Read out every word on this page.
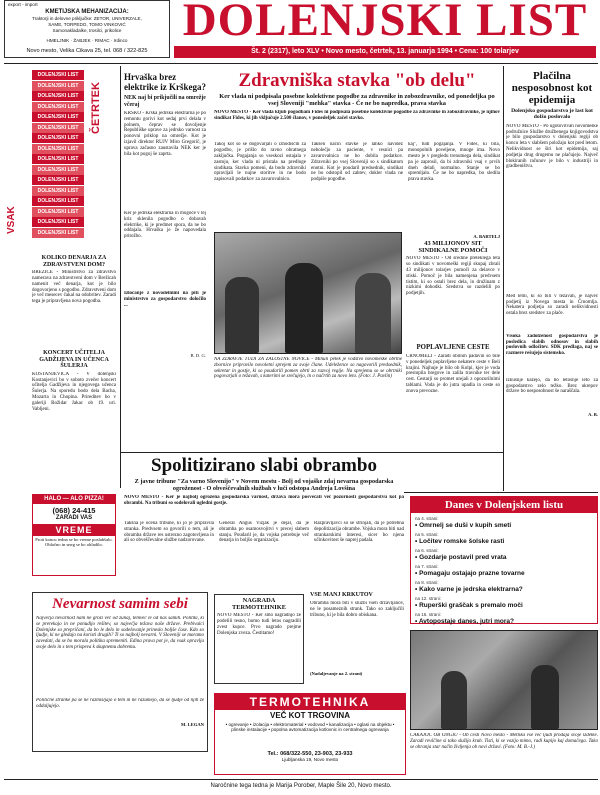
export - import
KMETIJSKA MEHANIZACIJA:
Traktorji in delovne priključke: ZETOR, UNIVERZALE,
SAME, TORPEDO, TOMO VINKOVIĆ
Samonakladalke, trosilci, prikolice
HMELJNIK · ŽABJEK · RIMAC · Irdinco
Novo mesto, Velika Cikava 25, tel. 068 / 322-825
DOLENJSKI LIST
Št. 2 (2317), leto XLV • Novo mesto, četrtek, 13. januarja 1994 • Cena: 100 tolarjev
DOLENJSKI LIST
DOLENJSKI LIST
DOLENJSKI LIST
DOLENJSKI LIST
DOLENJSKI LIST
DOLENJSKI LIST
DOLENJSKI LIST
DOLENJSKI LIST
DOLENJSKI LIST
DOLENJSKI LIST
DOLENJSKI LIST
DOLENJSKI LIST
DOLENJSKI LIST
DOLENJSKI LIST
DOLENJSKI LIST
DOLENJSKI LIST
ČETRTEK
VSAK
Hrvaška brez elektrike iz Krškega?
NEK naj bi prikjučili na omrežje včeraj
KRŠKO - Krška jedrska elektrarna je po remontu gorivi kot sedaj prvi delala v polnem, čeprav se dovoljenje Republiške uprave za jedrsko varnost za ponovni priklop na omrežje. Kot je izjavil direktor RUJV Miro Gregorič, je uprava začasno zaustavila NEK ker je bila kot pogoj še zaprta.
Ker je jedrska elektrarna in mogoče v tej kriz sklenila pogodbo o dobavah elektrike, ki je predmet spora, da ne bo oddajala. Hrvaška je že napovedala pritožbo.
Izločanje z novodelnimi na piti je ministrstvo za gospodarstvo določilo ...
B. D. G.
KOLIKO DENARJA ZA ZDRAVSTVENI DOM?
BREŽICE - Ministrstvo za zdravstvo namerava na zdravstveni dom v Brežicah namenit več denarja, kot je bilo dogovorjeno s pogodbo. Zdravstveni dom je več mesecev čakal na odobritev. Zaradi tega je pripravljena nova pogodba.
KONCERT UČITELJA GADŽIJEVA IN UČENCA ŠULERJA
KOSTANJEVICA - V dolenjski Kostanjevici bo v soboto zvečer koncert učitelja Gadžijeva in njegovega učenca Šulerja. Na sporedu bodo dela Bacha, Mozarta in Chopina. Prireditev bo v galeriji Božidar Jakac ob 19. uri. Vabljeni.
HALO — ALO PIZZA!
(068) 24-415
ZARADI VAS
VREME
Proti koncu tedna se bo vreme poslabšalo. Oblačno in sneg se bo ohladilo.
Nevarnost samim sebi
Največja nevarnost nam ne grozi več od zunaj, temveč le od nas samih. Politiki, ki se prerekajo in ne ponudijo rešitev, so največja težava naše države. Prebivalci Dolenjske so prepričani, da bo le delo in sodelovanje prineslo boljše čase. Kdo so ljudje, ki ne gledajo na koristi drugih? Ti so najbolj nevarni. V Sloveniji se moramo zavedati, da se bo morala politika spremeniti. Edina prava pot je, da vsak opravlja svoje delo in s tem prispeva k skupnemu dobremu.
Politične stranke pa še ne razmišljajo o tem in ne razumejo, da se ljudje od njih že oddaljujejo.
M. LEGAN
Zdravniška stavka "ob delu"
Ker vlada ni podpisala posebne kolektivne pogodbe za zdravnike in zobozdravnike, od ponedeljka po vsej Sloveniji "mehka" stavka - Če ne bo napredka, prava stavka
NOVO MESTO - Ker vlada kljub pogodbam Fides ni podpisala posebne kolektivne pogodbe za zdravnike in zobozdravnike, je njihov sindikat Fides, ki jih vključuje 2.500 članov, v ponedeljek začel stavko.
Takoj kot so se dogovarjali o izhodiščih za pogodbo, je prišlo do ravno obratnega zaključka. Pogajanja so vseskozi ostajala v zastoju, ker vlada ni pristala na predloge sindikata. Stavka pomeni, da bodo zdravniki opravljali le nujne storitve in ne bodo zapisovali podatkov za zavarovalnico.
Takšen način stavke je lahko navidez nebolečjo za paciente, v resnici pa zavarovalnica ne bo dobila podatkov. Zdravniki po vsej Sloveniji so s sindikatom enotni. Kot je poudaril predsednik, sindikat ne bo odstopil od zahtev, dokler vlada ne podpiše pogodbe.
kaj", tudi pogajanja. V Fides, ki bila, monopolnih poveljene, mnoge ima. Novo mesto je v pregledu trenutnega dela, sindikat pa je zaprosil, da bi zdravniki vsaj v prvih dneh delali normalno. Stanje se bo spremljalo. Če ne bo napredka, bo sledila prava stavka.
A. BARTELJ
NA ZDRAVJE TUDI ZA ŽALOSTNE NOVICE - Minuli petek je vodstvo novomeške obrtne zbornice pripravilo novoletni sprejem za svoje člane. Udeležence so nagovorili predsednik, sekretar in gostje, ki so poudarili pomen obrti za razvoj regije. Na sprejemu so se obrtniki pogovarjali o težavah, s katerimi se srečujejo, in o načrtih za novo leto. (Foto: J. Pavlin)
43 MILIJONOV SIT SINDIKALNE POMOČI
NOVO MESTO - Od sredine preteklega leta so sindikati v novomeški regiji skupaj zbrali 43 milijonov tolarjev pomoči za delavce v stiski. Pomoč je bila namenjena predvsem tistim, ki so ostali brez dela, in družinam z nizkimi dohodki. Sredstva so razdelili po podjetjih.
POPLAVLJENE CESTE
ČRNOMELJ - Zaradi obilnih padavin so bile v ponedeljek poplavljene nekatere ceste v Beli krajini. Najhuje je bilo ob Kolpi, kjer je voda prestopila bregove in zalila travnike ter dele cest. Cestarji so promet urejali z opozorilnimi tablami. Voda je do jutra upadla in ceste so znova prevozne.
Plačilna nesposobnost kot epidemija
Dolenjsko gospodarstvo je last kot dolžo poslovalo
NOVO MESTO - Po ugotovitvah novomeške podružnice Službe družbenega knjigovodstva je bilo gospodarstvo v dolenjski regiji ob koncu leta v slabšem položaju kot pred letom. Nelikvidnost se širi kot epidemija, saj podjetja drug drugemu ne plačujejo. Največ blokiranih računov je bilo v industriji in gradbeništvu.
Med temi, ki so bili v težavah, je največ podjetij iz Novega mesta in Črnomlja. Nekatera podjetja so zaradi nelikvidnosti ostala brez sredstev za plače.
Visoka zadolženost gospodarstva je posledica slabih odnosov in slabih poslovnih odločitev. SDK predlaga, naj se razmere rešujejo sistemsko.
Izkušnje kažejo, da bo letošnje leto za gospodarstvo zelo težko. Brez ukrepov države bo nesposobnost še naraščala.
A. B.
Spolitizirano slabi obrambo
Z javne tribune "Za varno Slovenijo" v Novem mestu - Bolj od vojaške zdaj nevarna gospodarska ogroženost - O obveščevalnih službah v luči odstopa Andreja Lovšina
NOVO MESTO - Ker je najbolj ogrožena gospodarska varnost, država mora posvečati več pozornosti gospodarstvu kot pa obrambi. Na tribuni so sodelovali ugledni gostje.
Takšna je ocena tribune, ki jo je pripravila stranka. Predvsem so govorili o tem, ali je obramba države res ustrezno zagotovljena in ali so obveščevalne službe nadzorovane.
General Angus Vizjak je dejal, da je obramba po osamosvojitvi v precej slabem stanju. Poudaril je, da vojska potrebuje več denarja in boljšo organizacijo.
Razpravljavci so se strinjali, da je potrebna depolitizacija obrambe. Vojska mora biti nad strankarskimi interesi, sicer bo njena učinkovitost še naprej padala.
VSE MANJ KRKUTOV
Obramba mora biti v službi vseh državljanov, ne le posameznih strank. Tako so zaključili tribuno, ki je bila dobro obiskana.
(Nadaljevanje na 2. strani)
NAGRADA TERMOTEHNIKE
NOVO MESTO - Ker smo nagradnjo že podelili tesno, bomo tudi letos nagradili zvest kupce. Prvo nagrado prejme Dolenjska zveza. Čestitamo!
TERMOTEHNIKA
VEČ KOT TRGOVINA
• ogrevanje • izolacija • elektromaterial • vodovod • kanalizacija • oglasi na objektu • plinske instalacije • popolna avtomatizacija kotlovnic in centralnega ogrevanja
Tel.: 068/322-550, 23-903, 23-933
Ljubljanska 19, Novo mesto
Danes v Dolenjskem listu
na 4. strani:
• Omrnelj se duši v kupih smeti
na 5. strani:
• Ločitev romske šolske rasti
na 6. strani:
• Gozdarje postavil pred vrata
na 7. strani:
• Pomagaju ostajajo prazne tovarne
na 8. strani:
• Kako varne je jedrska elektrarna?
na 12. strani:
• Ruperški graščak s premalo moči
na 16. strani:
• Avtopostaje danes, jutri mora?
ČAKAJOČ OB ONGIU - Ob cesti Novo mesto - Metlika vse več ljudi prodaja svoje izdelke. Zaradi revščine si tako služijo kruh. Tisti, ki se vozijo mimo, radi kupijo kaj domačega. Tako se ohranja star način življenja ob novi državi. (Foto: M. B.-J.)
Naročnine tega tedna je Marija Porober, Maple Šile 20, Novo mesto.
